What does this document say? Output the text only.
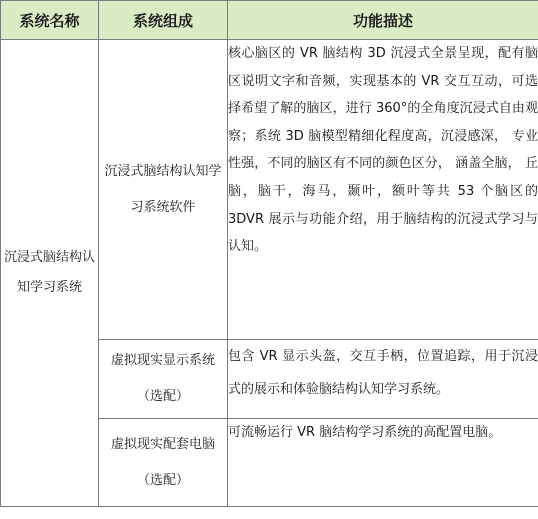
系统名称	系统组成	功能描述
沉浸式脑结构认知学习系统	沉浸式脑结构认知学习系统软件	核心脑区的 VR 脑结构 3D 沉浸式全景呈现，配有脑区说明文字和音频，实现基本的 VR 交互互动，可选择希望了解的脑区，进行 360°的全角度沉浸式自由观察；系统 3D 脑模型精细化程度高，沉浸感深， 专业性强，不同的脑区有不同的颜色区分， 涵盖全脑， 丘脑，脑干，海马，颞叶，额叶等共 53 个脑区的 3DVR 展示与功能介绍，用于脑结构的沉浸式学习与认知。
	虚拟现实显示系统（选配）	包含 VR 显示头盔，交互手柄，位置追踪，用于沉浸式的展示和体验脑结构认知学习系统。
	虚拟现实配套电脑（选配）	可流畅运行 VR 脑结构学习系统的高配置电脑。
